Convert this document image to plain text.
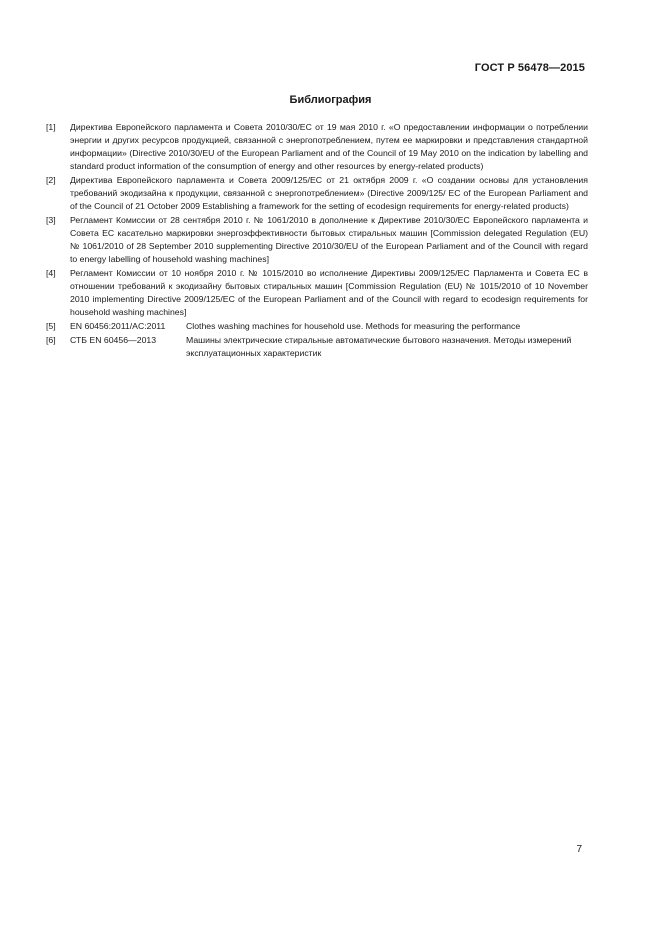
ГОСТ Р 56478—2015
Библиография
[1] Директива Европейского парламента и Совета 2010/30/ЕС от 19 мая 2010 г. «О предоставлении информации о потреблении энергии и других ресурсов продукцией, связанной с энергопотреблением, путем ее маркировки и представления стандартной информации» (Directive 2010/30/EU of the European Parliament and of the Council of 19 May 2010 on the indication by labelling and standard product information of the consumption of energy and other resources by energy-related products)
[2] Директива Европейского парламента и Совета 2009/125/ЕС от 21 октября 2009 г. «О создании основы для установления требований экодизайна к продукции, связанной с энергопотреблением» (Directive 2009/125/ ЕС of the European Parliament and of the Council of 21 October 2009 Establishing a framework for the setting of ecodesign requirements for energy-related products)
[3] Регламент Комиссии от 28 сентября 2010 г. № 1061/2010 в дополнение к Директиве 2010/30/ЕС Европейского парламента и Совета ЕС касательно маркировки энергоэффективности бытовых стиральных машин [Commission delegated Regulation (EU) № 1061/2010 of 28 September 2010 supplementing Directive 2010/30/EU of the European Parliament and of the Council with regard to energy labelling of household washing machines]
[4] Регламент Комиссии от 10 ноября 2010 г. № 1015/2010 во исполнение Директивы 2009/125/ЕС Парламента и Совета ЕС в отношении требований к экодизайну бытовых стиральных машин [Commission Regulation (EU) № 1015/2010 of 10 November 2010 implementing Directive 2009/125/EC of the European Parliament and of the Council with regard to ecodesign requirements for household washing machines]
[5]	EN 60456:2011/AC:2011	Clothes washing machines for household use. Methods for measuring the performance
[6]	СТБ EN 60456—2013	Машины электрические стиральные автоматические бытового назначения. Методы измерений эксплуатационных характеристик
7
